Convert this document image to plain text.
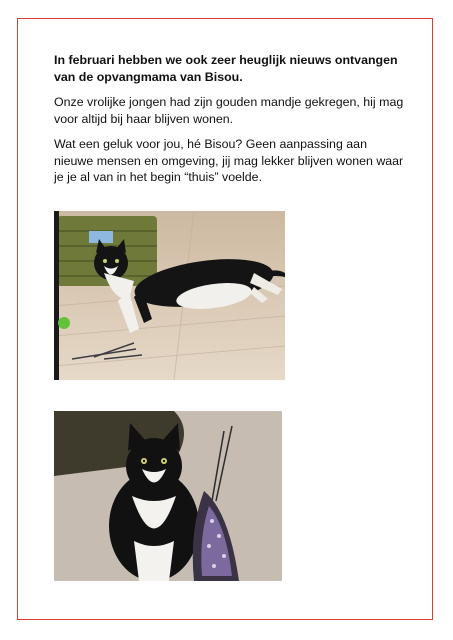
In februari hebben we ook zeer heuglijk nieuws ontvangen van de opvangmama van Bisou.

Onze vrolijke jongen had zijn gouden mandje gekregen, hij mag voor altijd bij haar blijven wonen.

Wat een geluk voor jou, hé Bisou? Geen aanpassing aan nieuwe mensen en omgeving, jij mag lekker blijven wonen waar je je al van in het begin “thuis” voelde.
